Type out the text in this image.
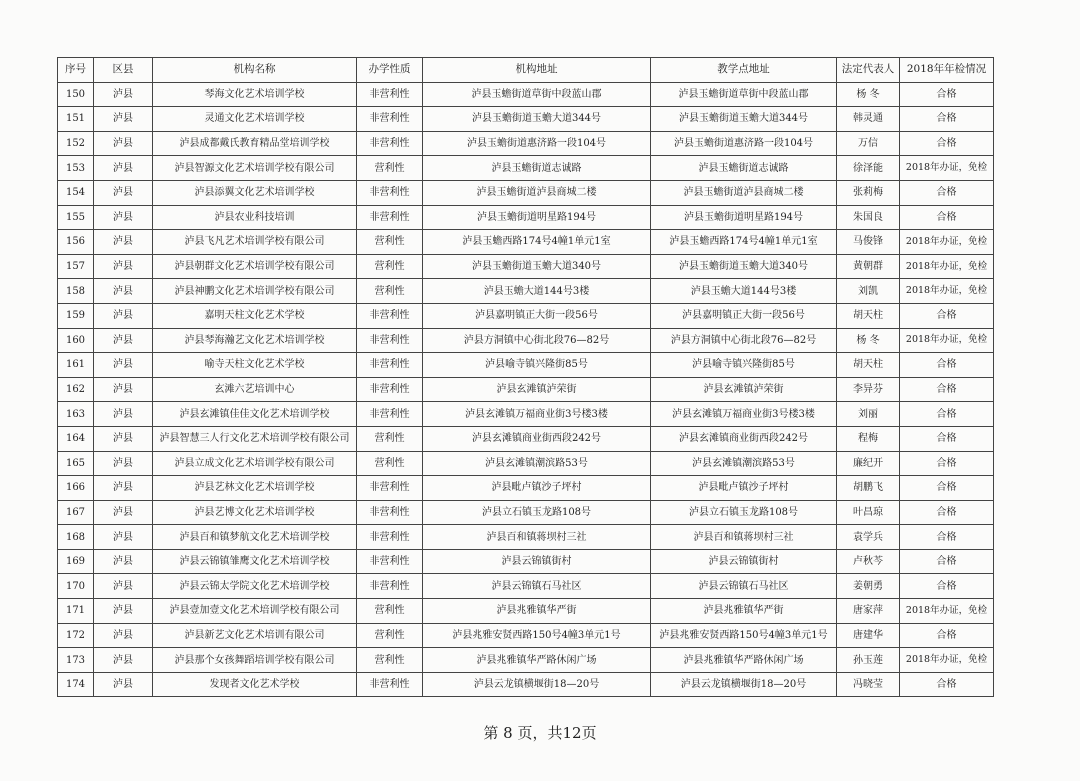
序号	区县	机构名称	办学性质	机构地址	教学点地址	法定代表人	2018年年检情况
150	泸县	琴海文化艺术培训学校	非营利性	泸县玉蟾街道草街中段蓝山郡	泸县玉蟾街道草街中段蓝山郡	杨 冬	合格
151	泸县	灵通文化艺术培训学校	非营利性	泸县玉蟾街道玉蟾大道344号	泸县玉蟾街道玉蟾大道344号	韩灵通	合格
152	泸县	泸县成都戴氏教育精品堂培训学校	非营利性	泸县玉蟾街道惠济路一段104号	泸县玉蟾街道惠济路一段104号	万信	合格
153	泸县	泸县智源文化艺术培训学校有限公司	营利性	泸县玉蟾街道志诚路	泸县玉蟾街道志诚路	徐泽能	2018年办证，免检
154	泸县	泸县添翼文化艺术培训学校	非营利性	泸县玉蟾街道泸县商城二楼	泸县玉蟾街道泸县商城二楼	张莉梅	合格
155	泸县	泸县农业科技培训	非营利性	泸县玉蟾街道明星路194号	泸县玉蟾街道明星路194号	朱国良	合格
156	泸县	泸县飞凡艺术培训学校有限公司	营利性	泸县玉蟾西路174号4幢1单元1室	泸县玉蟾西路174号4幢1单元1室	马俊锋	2018年办证，免检
157	泸县	泸县朝群文化艺术培训学校有限公司	营利性	泸县玉蟾街道玉蟾大道340号	泸县玉蟾街道玉蟾大道340号	黄朝群	2018年办证，免检
158	泸县	泸县神鹏文化艺术培训学校有限公司	营利性	泸县玉蟾大道144号3楼	泸县玉蟾大道144号3楼	刘凯	2018年办证，免检
159	泸县	嘉明天柱文化艺术学校	非营利性	泸县嘉明镇正大街一段56号	泸县嘉明镇正大街一段56号	胡天柱	合格
160	泸县	泸县琴海瀚艺文化艺术培训学校	非营利性	泸县方洞镇中心街北段76—82号	泸县方洞镇中心街北段76—82号	杨 冬	2018年办证，免检
161	泸县	喻寺天柱文化艺术学校	非营利性	泸县喻寺镇兴隆街85号	泸县喻寺镇兴隆街85号	胡天柱	合格
162	泸县	玄滩六艺培训中心	非营利性	泸县玄滩镇泸荣街	泸县玄滩镇泸荣街	李异芬	合格
163	泸县	泸县玄滩镇佳佳文化艺术培训学校	非营利性	泸县玄滩镇万福商业街3号楼3楼	泸县玄滩镇万福商业街3号楼3楼	刘丽	合格
164	泸县	泸县智慧三人行文化艺术培训学校有限公司	营利性	泸县玄滩镇商业街西段242号	泸县玄滩镇商业街西段242号	程梅	合格
165	泸县	泸县立成文化艺术培训学校有限公司	营利性	泸县玄滩镇潮滨路53号	泸县玄滩镇潮滨路53号	廉纪开	合格
166	泸县	泸县艺林文化艺术培训学校	非营利性	泸县毗卢镇沙子坪村	泸县毗卢镇沙子坪村	胡鹏飞	合格
167	泸县	泸县艺博文化艺术培训学校	非营利性	泸县立石镇玉龙路108号	泸县立石镇玉龙路108号	叶昌琼	合格
168	泸县	泸县百和镇梦航文化艺术培训学校	非营利性	泸县百和镇蒋坝村三社	泸县百和镇蒋坝村三社	袁学兵	合格
169	泸县	泸县云锦镇雏鹰文化艺术培训学校	非营利性	泸县云锦镇街村	泸县云锦镇街村	卢秋芩	合格
170	泸县	泸县云锦太学院文化艺术培训学校	非营利性	泸县云锦镇石马社区	泸县云锦镇石马社区	姜朝勇	合格
171	泸县	泸县壹加壹文化艺术培训学校有限公司	营利性	泸县兆雅镇华严街	泸县兆雅镇华严街	唐家萍	2018年办证，免检
172	泸县	泸县新艺文化艺术培训有限公司	营利性	泸县兆雅安贤西路150号4幢3单元1号	泸县兆雅安贤西路150号4幢3单元1号	唐建华	合格
173	泸县	泸县那个女孩舞蹈培训学校有限公司	营利性	泸县兆雅镇华严路休闲广场	泸县兆雅镇华严路休闲广场	孙玉莲	2018年办证，免检
174	泸县	发现者文化艺术学校	非营利性	泸县云龙镇横堰街18—20号	泸县云龙镇横堰街18—20号	冯晓莹	合格
第 8 页，共12页
